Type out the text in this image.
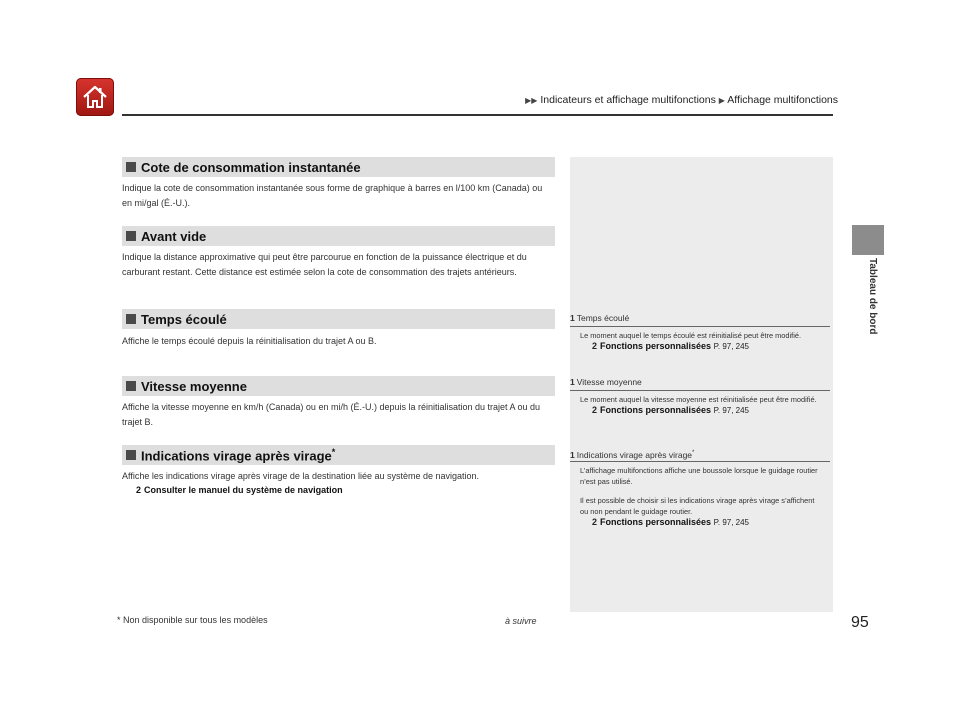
▶▶ Indicateurs et affichage multifonctions ▶ Affichage multifonctions
Tableau de bord
Cote de consommation instantanée
Indique la cote de consommation instantanée sous forme de graphique à barres en l/100 km (Canada) ou en mi/gal (É.-U.).
Avant vide
Indique la distance approximative qui peut être parcourue en fonction de la puissance électrique et du carburant restant. Cette distance est estimée selon la cote de consommation des trajets antérieurs.
Temps écoulé
Affiche le temps écoulé depuis la réinitialisation du trajet A ou B.
Vitesse moyenne
Affiche la vitesse moyenne en km/h (Canada) ou en mi/h (É.-U.) depuis la réinitialisation du trajet A ou du trajet B.
Indications virage après virage*
Affiche les indications virage après virage de la destination liée au système de navigation.
2 Consulter le manuel du système de navigation
1 Temps écoulé
Le moment auquel le temps écoulé est réinitialisé peut être modifié.
2 Fonctions personnalisées P. 97, 245
1 Vitesse moyenne
Le moment auquel la vitesse moyenne est réinitialisée peut être modifié.
2 Fonctions personnalisées P. 97, 245
1 Indications virage après virage*
L’affichage multifonctions affiche une boussole lorsque le guidage routier n’est pas utilisé.
Il est possible de choisir si les indications virage après virage s’affichent ou non pendant le guidage routier.
2 Fonctions personnalisées P. 97, 245
* Non disponible sur tous les modèles	à suivre	95
